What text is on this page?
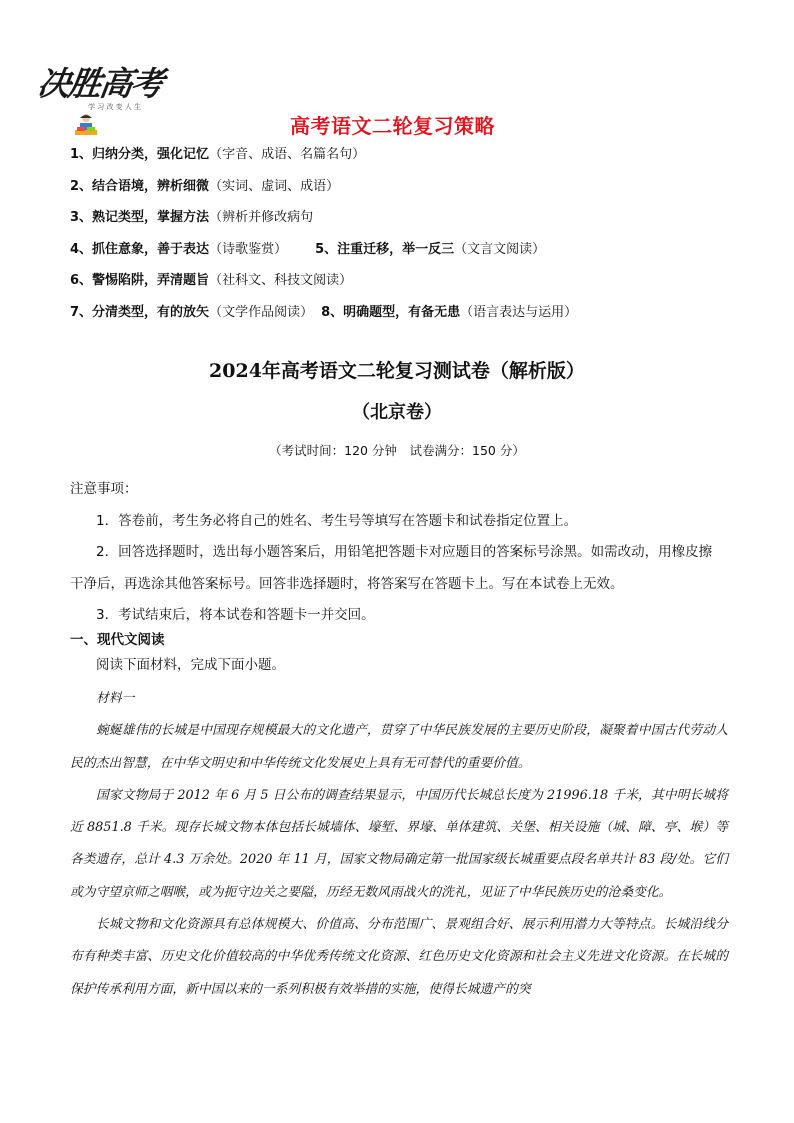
决胜高考
学 习 改 变 人 生
高考语文二轮复习策略
1、归纳分类，强化记忆（字音、成语、名篇名句）
2、结合语境，辨析细微（实词、虚词、成语）
3、熟记类型，掌握方法（辨析并修改病句
4、抓住意象，善于表达（诗歌鉴赏） 5、注重迁移，举一反三（文言文阅读）
6、警惕陷阱，弄清题旨（社科文、科技文阅读）
7、分清类型，有的放矢（文学作品阅读） 8、明确题型，有备无患（语言表达与运用）
2024年高考语文二轮复习测试卷（解析版）
（北京卷）

（考试时间：120 分钟　试卷满分：150 分）

注意事项：

1．答卷前，考生务必将自己的姓名、考生号等填写在答题卡和试卷指定位置上。

2．回答选择题时，选出每小题答案后，用铅笔把答题卡对应题目的答案标号涂黑。如需改动，用橡皮擦干净后，再选涂其他答案标号。回答非选择题时，将答案写在答题卡上。写在本试卷上无效。

3．考试结束后，将本试卷和答题卡一并交回。

一、现代文阅读

阅读下面材料，完成下面小题。

材料一

蜿蜒雄伟的长城是中国现存规模最大的文化遗产，贯穿了中华民族发展的主要历史阶段，凝聚着中国古代劳动人民的杰出智慧，在中华文明史和中华传统文化发展史上具有无可替代的重要价值。

国家文物局于 2012 年 6 月 5 日公布的调查结果显示，中国历代长城总长度为 21996.18 千米，其中明长城将近 8851.8 千米。现存长城文物本体包括长城墙体、壕堑、界壕、单体建筑、关堡、相关设施（城、障、亭、堠）等各类遗存，总计 4.3 万余处。2020 年 11 月，国家文物局确定第一批国家级长城重要点段名单共计 83 段/处。它们或为守望京师之咽喉，或为扼守边关之要隘，历经无数风雨战火的洗礼，见证了中华民族历史的沧桑变化。

长城文物和文化资源具有总体规模大、价值高、分布范围广、景观组合好、展示利用潜力大等特点。长城沿线分布有种类丰富、历史文化价值较高的中华优秀传统文化资源、红色历史文化资源和社会主义先进文化资源。在长城的保护传承利用方面，新中国以来的一系列积极有效举措的实施，使得长城遗产的突
